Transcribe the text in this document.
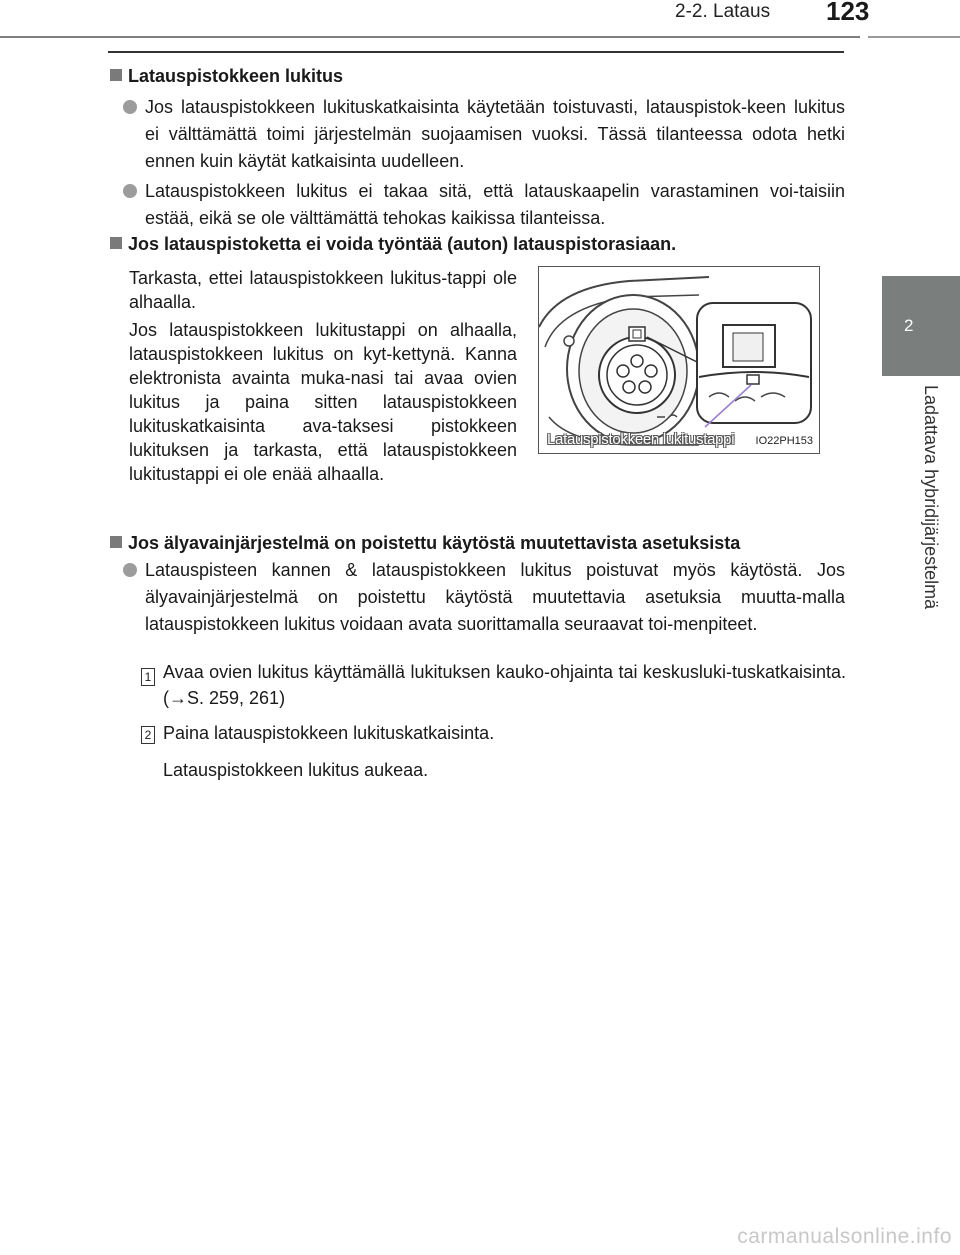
2-2. Lataus 123
2
Ladattava hybridijärjestelmä
Latauspistokkeen lukitus
Jos latauspistokkeen lukituskatkaisinta käytetään toistuvasti, latauspistok-keen lukitus ei välttämättä toimi järjestelmän suojaamisen vuoksi. Tässä tilanteessa odota hetki ennen kuin käytät katkaisinta uudelleen.
Latauspistokkeen lukitus ei takaa sitä, että latauskaapelin varastaminen voi-taisiin estää, eikä se ole välttämättä tehokas kaikissa tilanteissa.
Jos latauspistoketta ei voida työntää (auton) latauspistorasiaan.
Tarkasta, ettei latauspistokkeen lukitus-tappi ole alhaalla.
Jos latauspistokkeen lukitustappi on alhaalla, latauspistokkeen lukitus on kyt-kettynä. Kanna elektronista avainta muka-nasi tai avaa ovien lukitus ja paina sitten latauspistokkeen lukituskatkaisinta ava-taksesi pistokkeen lukituksen ja tarkasta, että latauspistokkeen lukitustappi ei ole enää alhaalla.
Latauspistokkeen lukitustappi IO22PH153
Jos älyavainjärjestelmä on poistettu käytöstä muutettavista asetuksista
Latauspisteen kannen & latauspistokkeen lukitus poistuvat myös käytöstä. Jos älyavainjärjestelmä on poistettu käytöstä muutettavia asetuksia muutta-malla latauspistokkeen lukitus voidaan avata suorittamalla seuraavat toi-menpiteet.
1 Avaa ovien lukitus käyttämällä lukituksen kauko-ohjainta tai keskusluki-tuskatkaisinta. (→S. 259, 261)
2 Paina latauspistokkeen lukituskatkaisinta.
Latauspistokkeen lukitus aukeaa.
carmanualsonline.info
